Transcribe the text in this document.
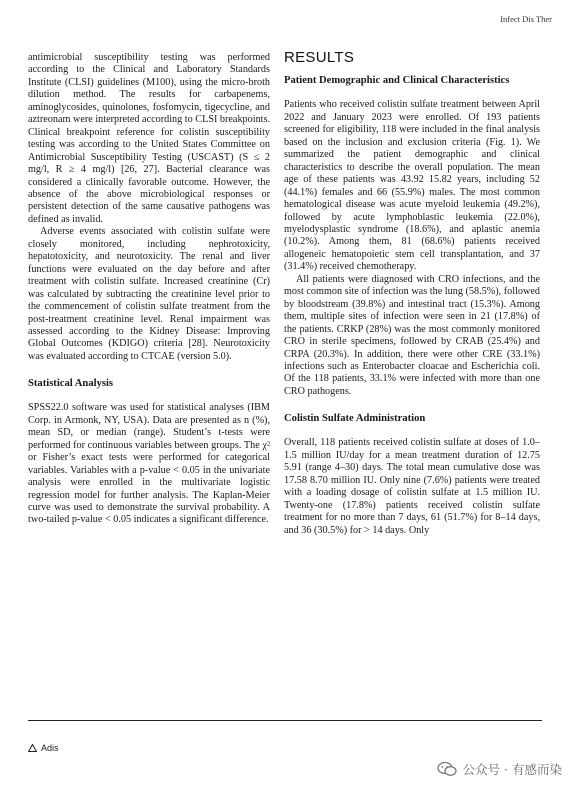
Infect Dis Ther

antimicrobial susceptibility testing was performed according to the Clinical and Laboratory Standards Institute (CLSI) guidelines (M100), using the micro-broth dilution method. The results for carbapenems, aminoglycosides, quinolones, fosfomycin, tigecycline, and aztreonam were interpreted according to CLSI breakpoints. Clinical breakpoint reference for colistin susceptibility testing was according to the United States Committee on Antimicrobial Susceptibility Testing (USCAST) (S ≤ 2 mg/l, R ≥ 4 mg/l) [26, 27]. Bacterial clearance was considered a clinically favorable outcome. However, the absence of the above microbiological responses or persistent detection of the same causative pathogens was defined as invalid.

Adverse events associated with colistin sulfate were closely monitored, including nephrotoxicity, hepatotoxicity, and neurotoxicity. The renal and liver functions were evaluated on the day before and after treatment with colistin sulfate. Increased creatinine (Cr) was calculated by subtracting the creatinine level prior to the commencement of colistin sulfate treatment from the post-treatment creatinine level. Renal impairment was assessed according to the Kidney Disease: Improving Global Outcomes (KDIGO) criteria [28]. Neurotoxicity was evaluated according to CTCAE (version 5.0).

Statistical Analysis

SPSS22.0 software was used for statistical analyses (IBM Corp. in Armonk, NY, USA). Data are presented as n (%), mean SD, or median (range). Student’s t-tests were performed for continuous variables between groups. The χ² or Fisher’s exact tests were performed for categorical variables. Variables with a p-value < 0.05 in the univariate analysis were enrolled in the multivariate logistic regression model for further analysis. The Kaplan-Meier curve was used to demonstrate the survival probability. A two-tailed p-value < 0.05 indicates a significant difference.

RESULTS
Patient Demographic and Clinical Characteristics

Patients who received colistin sulfate treatment between April 2022 and January 2023 were enrolled. Of 193 patients screened for eligibility, 118 were included in the final analysis based on the inclusion and exclusion criteria (Fig. 1). We summarized the patient demographic and clinical characteristics to describe the overall population. The mean age of these patients was 43.92 15.82 years, including 52 (44.1%) females and 66 (55.9%) males. The most common hematological disease was acute myeloid leukemia (49.2%), followed by acute lymphoblastic leukemia (22.0%), myelodysplastic syndrome (18.6%), and aplastic anemia (10.2%). Among them, 81 (68.6%) patients received allogeneic hematopoietic stem cell transplantation, and 37 (31.4%) received chemotherapy.

All patients were diagnosed with CRO infections, and the most common site of infection was the lung (58.5%), followed by bloodstream (39.8%) and intestinal tract (15.3%). Among them, multiple sites of infection were seen in 21 (17.8%) of the patients. CRKP (28%) was the most commonly monitored CRO in sterile specimens, followed by CRAB (25.4%) and CRPA (20.3%). In addition, there were other CRE (33.1%) infections such as Enterobacter cloacae and Escherichia coli. Of the 118 patients, 33.1% were infected with more than one CRO pathogens.

Colistin Sulfate Administration

Overall, 118 patients received colistin sulfate at doses of 1.0–1.5 million IU/day for a mean treatment duration of 12.75 5.91 (range 4–30) days. The total mean cumulative dose was 17.58 8.70 million IU. Only nine (7.6%) patients were treated with a loading dosage of colistin sulfate at 1.5 million IU. Twenty-one (17.8%) patients received colistin sulfate treatment for no more than 7 days, 61 (51.7%) for 8–14 days, and 36 (30.5%) for > 14 days. Only

Adis
公众号 · 有感而染
